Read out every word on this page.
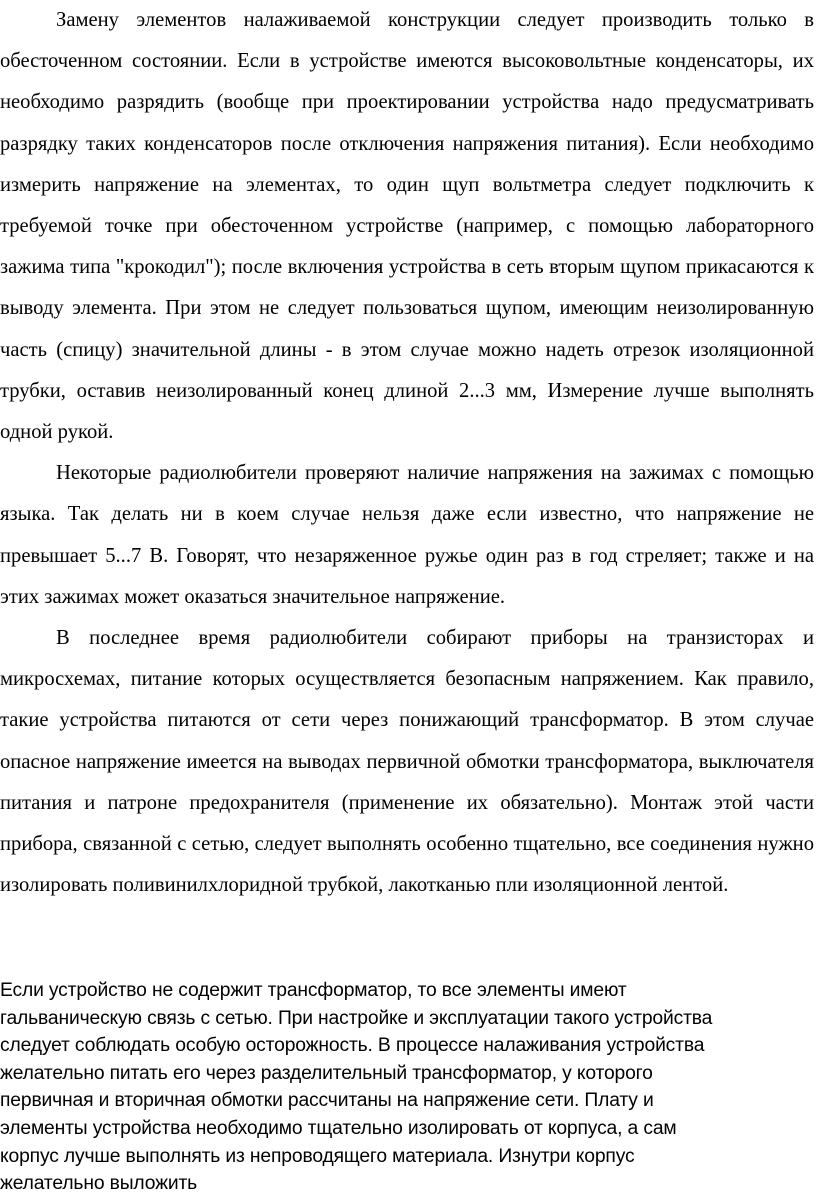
Замену элементов налаживаемой конструкции следует производить только в обесточенном состоянии. Если в устройстве имеются высоковольтные конденсаторы, их необходимо разрядить (вообще при проектировании устройства надо предусматривать разрядку таких конденсаторов после отключения напряжения питания). Если необходимо измерить напряжение на элементах, то один щуп вольтметра следует подключить к требуемой точке при обесточенном устройстве (например, с помощью лабораторного зажима типа "крокодил"); после включения устройства в сеть вторым щупом прикасаются к выводу элемента. При этом не следует пользоваться щупом, имеющим неизолированную часть (спицу) значительной длины - в этом случае можно надеть отрезок изоляционной трубки, оставив неизолированный конец длиной 2...3 мм, Измерение лучше выполнять одной рукой.

Некоторые радиолюбители проверяют наличие напряжения на зажимах с помощью языка. Так делать ни в коем случае нельзя даже если известно, что напряжение не превышает 5...7 В. Говорят, что незаряженное ружье один раз в год стреляет; также и на этих зажимах может оказаться значительное напряжение.

В последнее время радиолюбители собирают приборы на транзисторах и микросхемах, питание которых осуществляется безопасным напряжением. Как правило, такие устройства питаются от сети через понижающий трансформатор. В этом случае опасное напряжение имеется на выводах первичной обмотки трансформатора, выключателя питания и патроне предохранителя (применение их обязательно). Монтаж этой части прибора, связанной с сетью, следует выполнять особенно тщательно, все соединения нужно изолировать поливинилхлоридной трубкой, лакотканью пли изоляционной лентой.

Если устройство не содержит трансформатор, то все элементы имеют

гальваническую связь с сетью. При настройке и эксплуатации такого устройства

следует соблюдать особую осторожность. В процессе налаживания устройства

желательно питать его через разделительный трансформатор, у которого

первичная и вторичная обмотки рассчитаны на напряжение сети. Плату и

элементы устройства необходимо тщательно изолировать от корпуса, а сам

корпус лучше выполнять из непроводящего материала. Изнутри корпус

желательно выложить
